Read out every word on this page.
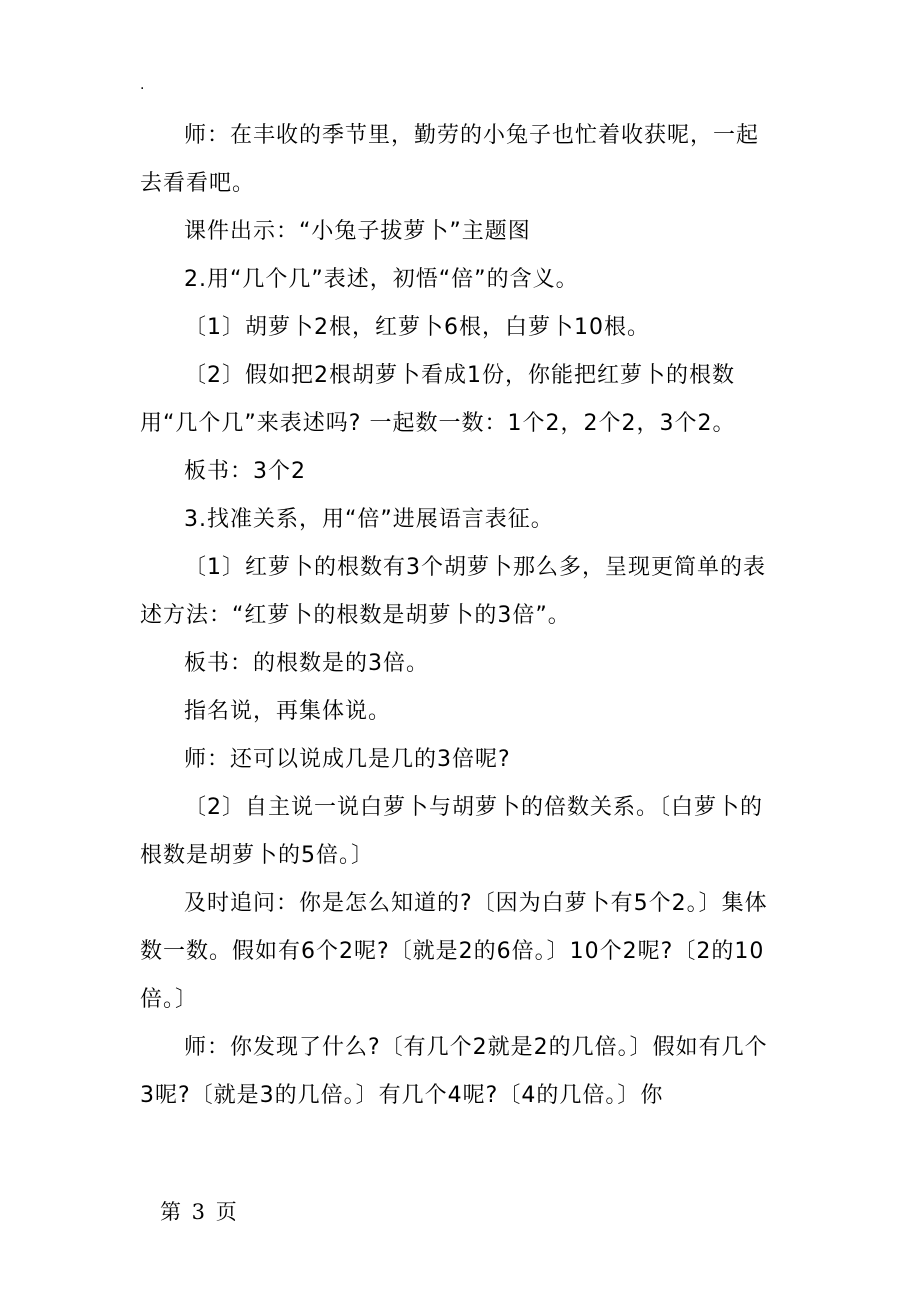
.

师：在丰收的季节里，勤劳的小兔子也忙着收获呢，一起去看看吧。

课件出示：“小兔子拔萝卜”主题图

2.用“几个几”表述，初悟“倍”的含义。

〔1〕胡萝卜2根，红萝卜6根，白萝卜10根。

〔2〕假如把2根胡萝卜看成1份，你能把红萝卜的根数用“几个几”来表述吗? 一起数一数：1个2，2个2，3个2。

板书：3个2

3.找准关系，用“倍”进展语言表征。

〔1〕红萝卜的根数有3个胡萝卜那么多，呈现更简单的表述方法：“红萝卜的根数是胡萝卜的3倍”。

板书：的根数是的3倍。

指名说，再集体说。

师：还可以说成几是几的3倍呢?

〔2〕自主说一说白萝卜与胡萝卜的倍数关系。〔白萝卜的根数是胡萝卜的5倍。〕

及时追问：你是怎么知道的?〔因为白萝卜有5个2。〕集体数一数。假如有6个2呢?〔就是2的6倍。〕10个2呢?〔2的10倍。〕

师：你发现了什么?〔有几个2就是2的几倍。〕假如有几个3呢?〔就是3的几倍。〕有几个4呢?〔4的几倍。〕你

第 3 页
